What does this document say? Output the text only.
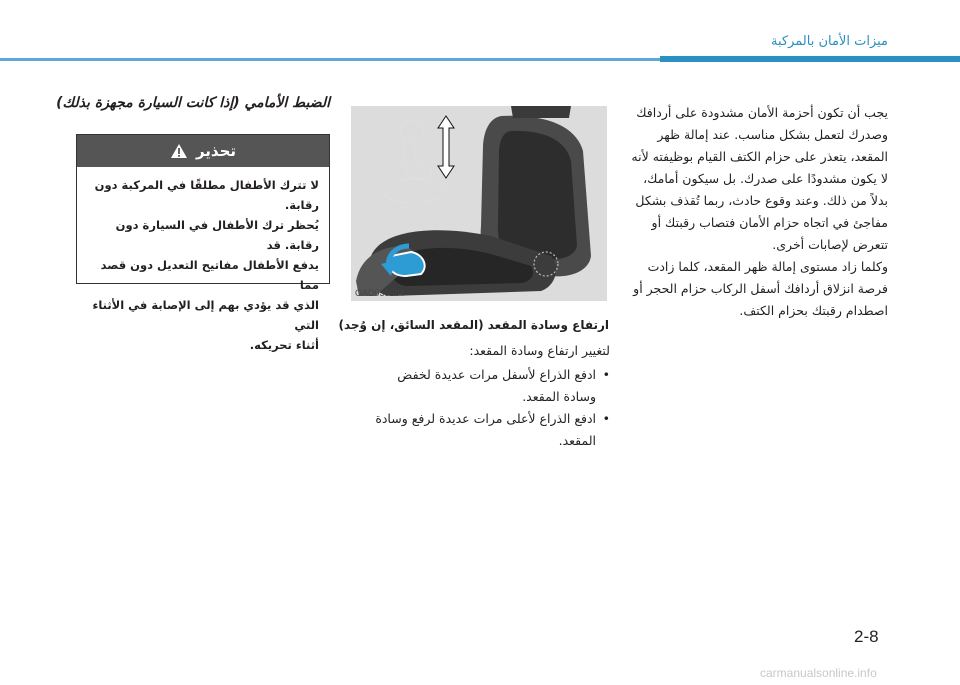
ميزات الأمان بالمركبة
الضبط الأمامي (إذا كانت السيارة مجهزة بذلك)
تحذير
لا تترك الأطفال مطلقًا في المركبة دون رقابة.
يُحظر ترك الأطفال في السيارة دون رقابة. قد
يدفع الأطفال مفاتيح التعديل دون قصد مما
الذي قد يؤدي بهم إلى الإصابة في الأثناء التي
أثناء تحريكه.
OAD035004
ارتفاع وسادة المقعد (المقعد السائق، إن وُجد)
يجب أن تكون أحزمة الأمان مشدودة على أردافك
وصدرك لتعمل بشكل مناسب. عند إمالة ظهر
المقعد، يتعذر على حزام الكتف القيام بوظيفته لأنه
لا يكون مشدودًا على صدرك. بل سيكون أمامك،
بدلاً من ذلك. وعند وقوع حادث، ربما تُقذف بشكل
مفاجئ في اتجاه حزام الأمان فتصاب رقبتك أو
تتعرض لإصابات أخرى.
وكلما زاد مستوى إمالة ظهر المقعد، كلما زادت
فرصة انزلاق أردافك أسفل الركاب حزام الحجر أو
اصطدام رقبتك بحزام الكتف.
لتغيير ارتفاع وسادة المقعد:
• ادفع الذراع لأسفل مرات عديدة لخفض
وسادة المقعد.
• ادفع الذراع لأعلى مرات عديدة لرفع وسادة
المقعد.
2-8
carmanualsonline.info
